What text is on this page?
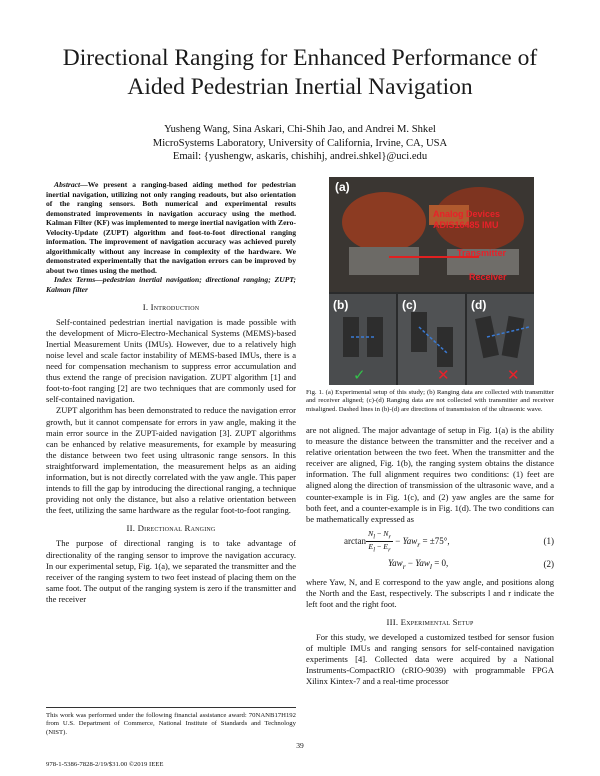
Directional Ranging for Enhanced Performance of
Aided Pedestrian Inertial Navigation
Yusheng Wang, Sina Askari, Chi-Shih Jao, and Andrei M. Shkel
MicroSystems Laboratory, University of California, Irvine, CA, USA
Email: {yushengw, askaris, chishihj, andrei.shkel}@uci.edu

Abstract—We present a ranging-based aiding method for pedestrian inertial navigation, utilizing not only ranging readouts, but also orientation of the ranging sensors. Both numerical and experimental results demonstrated improvements in navigation accuracy using the method. Kalman Filter (KF) was implemented to merge inertial navigation with Zero-Velocity-Update (ZUPT) algorithm and foot-to-foot directional ranging information. The improvement of navigation accuracy was achieved purely algorithmically without any increase in complexity of the hardware. We demonstrated experimentally that the navigation errors can be improved by about two times using the method.

Index Terms—pedestrian inertial navigation; directional ranging; ZUPT; Kalman filter

I. Introduction

Self-contained pedestrian inertial navigation is made possible with the development of Micro-Electro-Mechanical Systems (MEMS)-based Inertial Measurement Units (IMUs). However, due to a relatively high noise level and scale factor instability of MEMS-based IMUs, there is a need for compensation mechanism to suppress error accumulation and thus extend the range of precision navigation. ZUPT algorithm [1] and foot-to-foot ranging [2] are two techniques that are commonly used for self-contained navigation.

ZUPT algorithm has been demonstrated to reduce the navigation error growth, but it cannot compensate for errors in yaw angle, making it the main error source in the ZUPT-aided navigation [3]. ZUPT algorithms can be enhanced by relative measurements, for example by measuring the distance between two feet using ultrasonic range sensors. In this straightforward implementation, the measurement helps as an aiding information, but is not directly correlated with the yaw angle. This paper intends to fill the gap by introducing the directional ranging, a technique providing not only the distance, but also a relative orientation between the feet, utilizing the same hardware as the regular foot-to-foot ranging.

II. Directional Ranging

The purpose of directional ranging is to take advantage of directionality of the ranging sensor to improve the navigation accuracy. In our experimental setup, Fig. 1(a), we separated the transmitter and the receiver of the ranging system to two feet instead of placing them on the same foot. The output of the ranging system is zero if the transmitter and the receiver

This work was performed under the following financial assistance award: 70NANB17H192 from U.S. Department of Commerce, National Institute of Standards and Technology (NIST).
(a)
Analog Devices
ADIS16485 IMU
Transmitter
Receiver
(b)	(c)	(d)
✓	✕	✕
Fig. 1. (a) Experimental setup of this study; (b) Ranging data are collected with transmitter and receiver aligned; (c)-(d) Ranging data are not collected with transmitter and receiver misaligned. Dashed lines in (b)-(d) are directions of transmission of the ultrasonic wave.

are not aligned. The major advantage of setup in Fig. 1(a) is the ability to measure the distance between the transmitter and the receiver and a relative orientation between the two feet. When the transmitter and the receiver are aligned, Fig. 1(b), the ranging system obtains the distance information. The full alignment requires two conditions: (1) feet are aligned along the direction of transmission of the ultrasonic wave, and a counter-example is in Fig. 1(c), and (2) yaw angles are the same for both feet, and a counter-example is in Fig. 1(d). The two conditions can be mathematically expressed as

$\arctan \frac{N_l - N_r}{E_l - E_r} - Yaw_r = \pm 75^\circ$,	(1)
Yaw$_r$ − Yaw$_l$ = 0,	(2)

where Yaw, N, and E correspond to the yaw angle, and positions along the North and the East, respectively. The subscripts l and r indicate the left foot and the right foot.

III. Experimental Setup

For this study, we developed a customized testbed for sensor fusion of multiple IMUs and ranging sensors for self-contained navigation experiments [4]. Collected data were acquired by a National Instruments-CompactRIO (cRIO-9039) with programmable FPGA Xilinx Kintex-7 and a real-time processor

39
978-1-5386-7828-2/19/$31.00 ©2019 IEEE
